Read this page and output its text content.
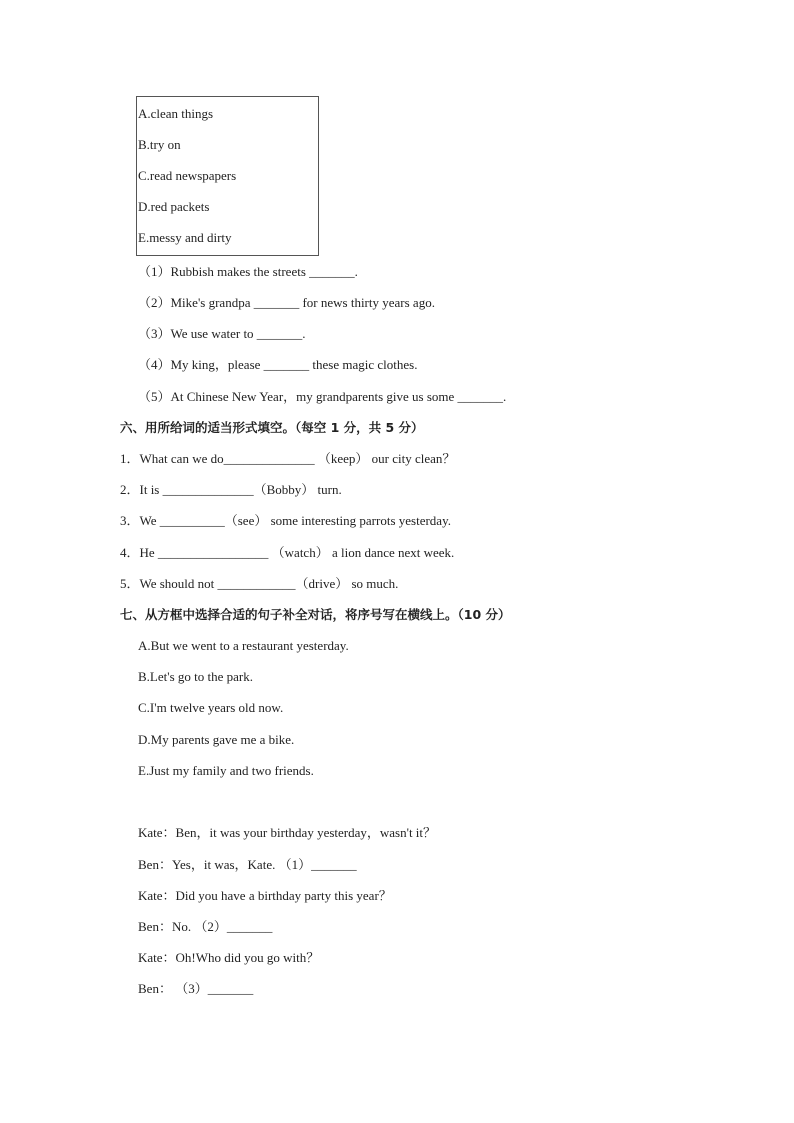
A.clean things
B.try on
C.read newspapers
D.red packets
E.messy and dirty
（1）Rubbish makes the streets _______.
（2）Mike's grandpa _______ for news thirty years ago.
（3）We use water to _______.
（4）My king，please _______ these magic clothes.
（5）At Chinese New Year，my grandparents give us some _______.
六、用所给词的适当形式填空。（每空 1 分，共 5 分）
1．What can we do______________ （keep） our city clean？
2．It is ______________（Bobby） turn.
3．We __________（see） some interesting parrots yesterday.
4．He _________________ （watch） a lion dance next week.
5．We should not ____________（drive） so much.
七、从方框中选择合适的句子补全对话，将序号写在横线上。（10 分）
A.But we went to a restaurant yesterday.
B.Let's go to the park.
C.I'm twelve years old now.
D.My parents gave me a bike.
E.Just my family and two friends.
Kate：Ben，it was your birthday yesterday，wasn't it？
Ben：Yes，it was，Kate. （1）_______
Kate：Did you have a birthday party this year？
Ben：No. （2）_______
Kate：Oh!Who did you go with？
Ben： （3）_______
